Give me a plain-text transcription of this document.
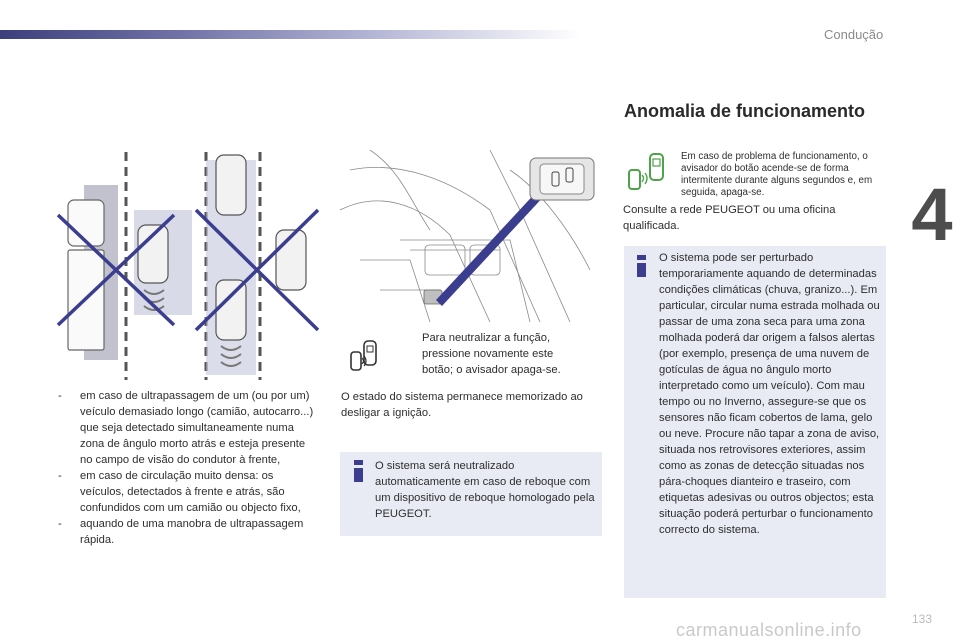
Condução
4
133
- em caso de ultrapassagem de um (ou por um) veículo demasiado longo (camião, autocarro...) que seja detectado simultaneamente numa zona de ângulo morto atrás e esteja presente no campo de visão do condutor à frente,
- em caso de circulação muito densa: os veículos, detectados à frente e atrás, são confundidos com um camião ou objecto fixo,
- aquando de uma manobra de ultrapassagem rápida.
Para neutralizar a função, pressione novamente este botão; o avisador apaga-se.
O estado do sistema permanece memorizado ao desligar a ignição.
O sistema será neutralizado automaticamente em caso de reboque com um dispositivo de reboque homologado pela PEUGEOT.
Anomalia de funcionamento
Em caso de problema de funcionamento, o avisador do botão acende-se de forma intermitente durante alguns segundos e, em seguida, apaga-se.
Consulte a rede PEUGEOT ou uma oficina qualificada.
O sistema pode ser perturbado temporariamente aquando de determinadas condições climáticas (chuva, granizo...). Em particular, circular numa estrada molhada ou passar de uma zona seca para uma zona molhada poderá dar origem a falsos alertas (por exemplo, presença de uma nuvem de gotículas de água no ângulo morto interpretado como um veículo). Com mau tempo ou no Inverno, assegure-se que os sensores não ficam cobertos de lama, gelo ou neve. Procure não tapar a zona de aviso, situada nos retrovisores exteriores, assim como as zonas de detecção situadas nos pára-choques dianteiro e traseiro, com etiquetas adesivas ou outros objectos; esta situação poderá perturbar o funcionamento correcto do sistema.
carmanualsonline.info
